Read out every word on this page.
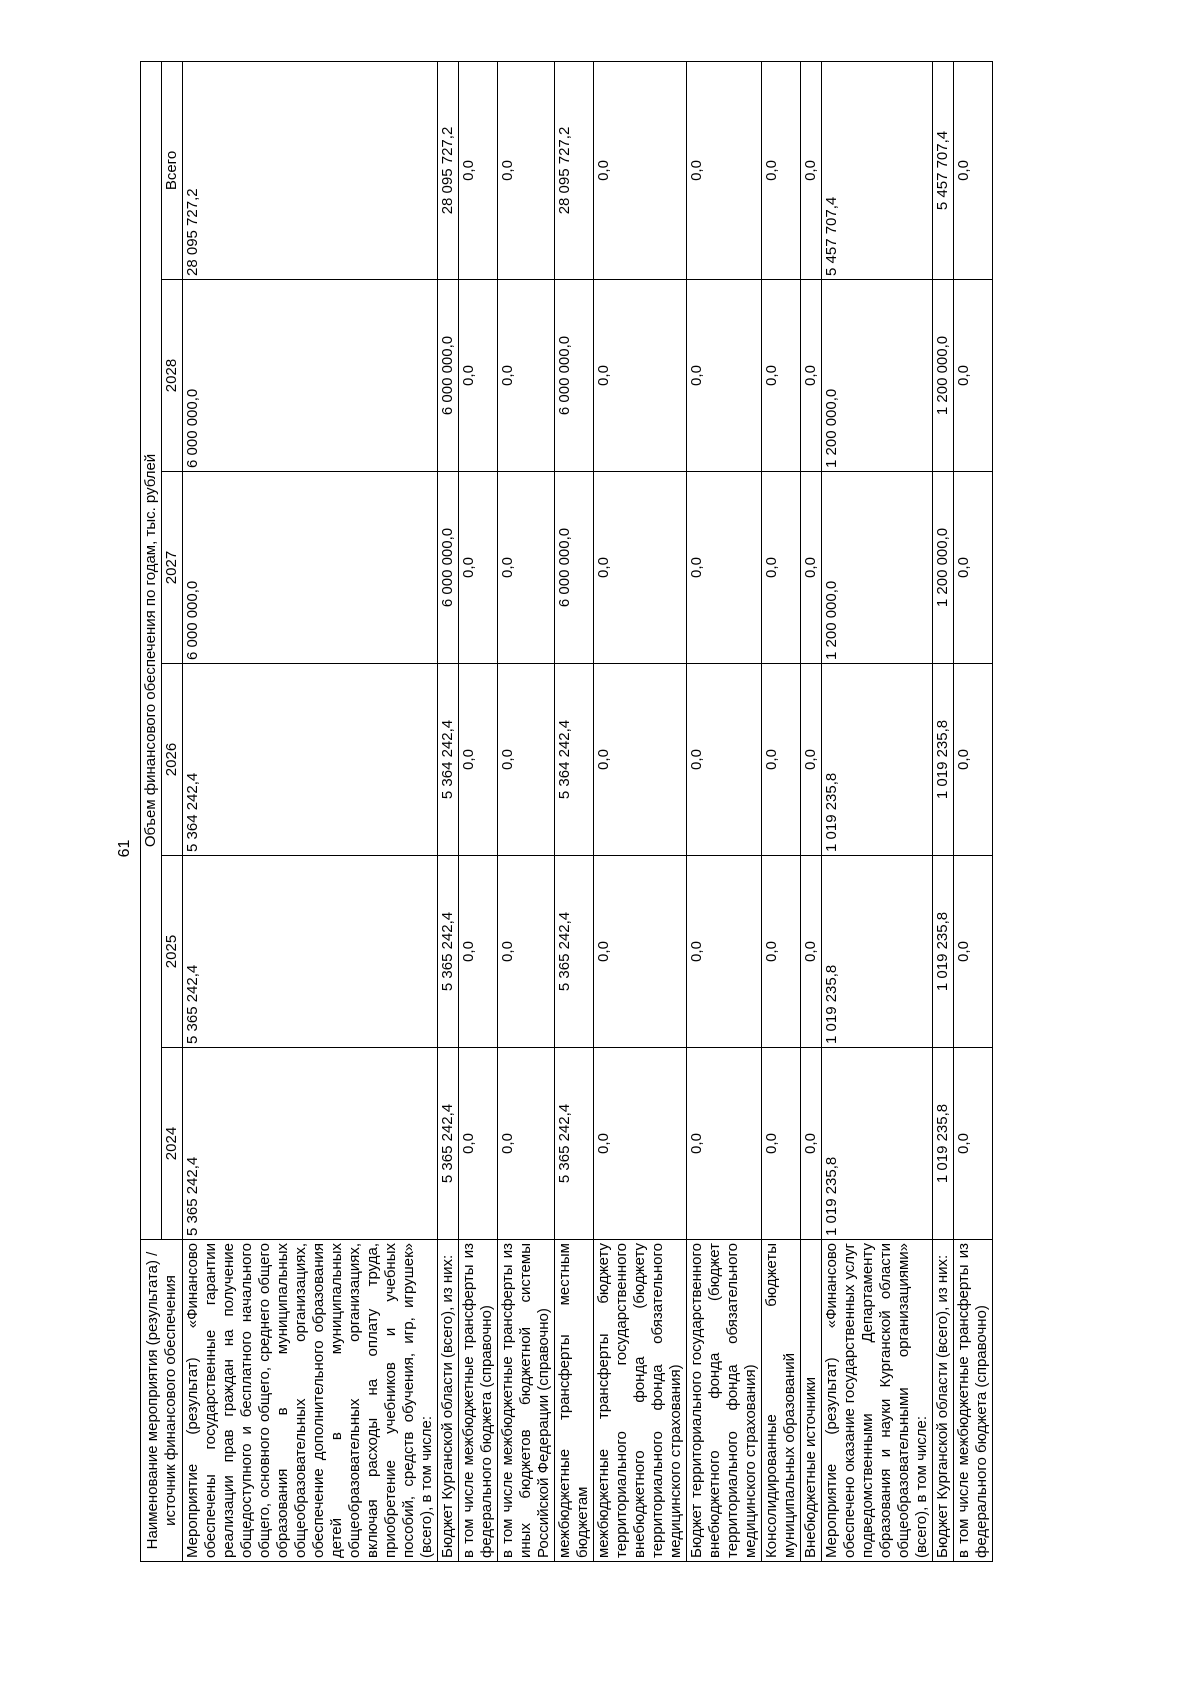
61
Наименование мероприятия (результата) / источник финансового обеспечения	Объем финансового обеспечения по годам, тыс. рублей					
	2024	2025	2026	2027	2028	Всего
Мероприятие (результат) «Финансово обеспечены государственные гарантии реализации прав граждан на получение общедоступного и бесплатного начального общего, основного общего, среднего общего образования в муниципальных общеобразовательных организациях, обеспечение дополнительного образования детей в муниципальных общеобразовательных организациях, включая расходы на оплату труда, приобретение учебников и учебных пособий, средств обучения, игр, игрушек» (всего), в том числе:	5 365 242,4	5 365 242,4	5 364 242,4	6 000 000,0	6 000 000,0	28 095 727,2
Бюджет Курганской области (всего), из них:	5 365 242,4	5 365 242,4	5 364 242,4	6 000 000,0	6 000 000,0	28 095 727,2
в том числе межбюджетные трансферты из федерального бюджета (справочно)	0,0	0,0	0,0	0,0	0,0	0,0
в том числе межбюджетные трансферты из иных бюджетов бюджетной системы Российской Федерации (справочно)	0,0	0,0	0,0	0,0	0,0	0,0
межбюджетные трансферты местным бюджетам	5 365 242,4	5 365 242,4	5 364 242,4	6 000 000,0	6 000 000,0	28 095 727,2
межбюджетные трансферты бюджету территориального государственного внебюджетного фонда (бюджету территориального фонда обязательного медицинского страхования)	0,0	0,0	0,0	0,0	0,0	0,0
Бюджет территориального государственного внебюджетного фонда (бюджет территориального фонда обязательного медицинского страхования)	0,0	0,0	0,0	0,0	0,0	0,0
Консолидированные бюджеты муниципальных образований	0,0	0,0	0,0	0,0	0,0	0,0
Внебюджетные источники	0,0	0,0	0,0	0,0	0,0	0,0
Мероприятие (результат) «Финансово обеспечено оказание государственных услуг подведомственными Департаменту образования и науки Курганской области общеобразовательными организациями» (всего), в том числе:	1 019 235,8	1 019 235,8	1 019 235,8	1 200 000,0	1 200 000,0	5 457 707,4
Бюджет Курганской области (всего), из них:	1 019 235,8	1 019 235,8	1 019 235,8	1 200 000,0	1 200 000,0	5 457 707,4
в том числе межбюджетные трансферты из федерального бюджета (справочно)	0,0	0,0	0,0	0,0	0,0	0,0
